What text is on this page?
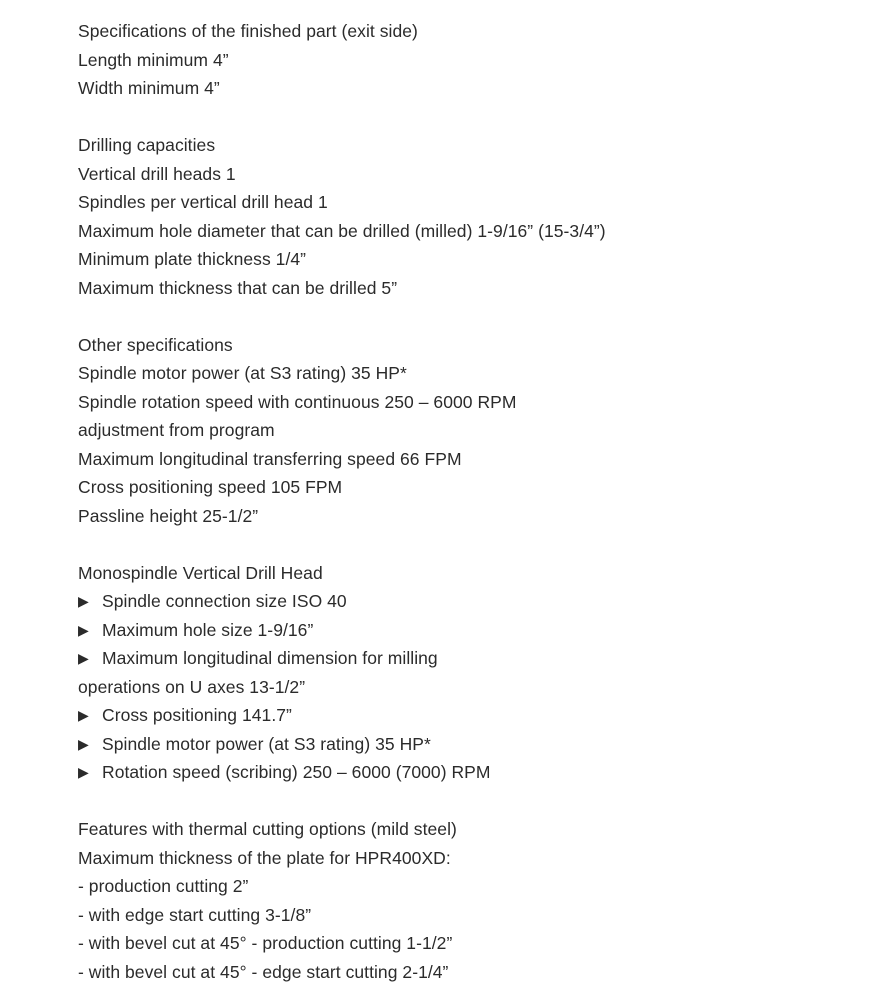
Specifications of the finished part (exit side)
Length minimum 4”
Width minimum 4”
Drilling capacities
Vertical drill heads 1
Spindles per vertical drill head 1
Maximum hole diameter that can be drilled (milled) 1-9/16” (15-3/4”)
Minimum plate thickness 1/4”
Maximum thickness that can be drilled 5”
Other specifications
Spindle motor power (at S3 rating) 35 HP*
Spindle rotation speed with continuous 250 – 6000 RPM
adjustment from program
Maximum longitudinal transferring speed 66 FPM
Cross positioning speed 105 FPM
Passline height 25-1/2”
Monospindle Vertical Drill Head
▶ Spindle connection size ISO 40
▶ Maximum hole size 1-9/16”
▶ Maximum longitudinal dimension for milling
operations on U axes 13-1/2”
▶ Cross positioning 141.7”
▶ Spindle motor power (at S3 rating) 35 HP*
▶ Rotation speed (scribing) 250 – 6000 (7000) RPM
Features with thermal cutting options (mild steel)
Maximum thickness of the plate for HPR400XD:
- production cutting 2”
- with edge start cutting 3-1/8”
- with bevel cut at 45° - production cutting 1-1/2”
- with bevel cut at 45° - edge start cutting 2-1/4”
